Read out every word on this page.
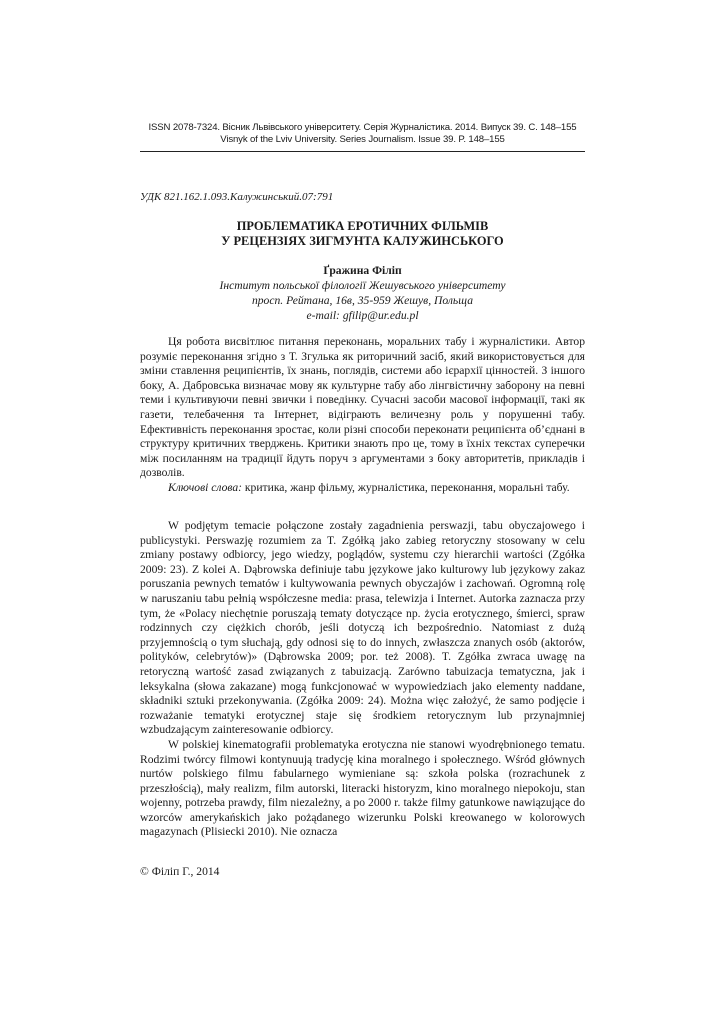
ISSN 2078-7324. Вісник Львівського університету. Серія Журналістика. 2014. Випуск 39. С. 148–155
Visnyk of the Lviv University. Series Journalism. Issue 39. P. 148–155
УДК 821.162.1.093.Калужинський.07:791
ПРОБЛЕМАТИКА ЕРОТИЧНИХ ФІЛЬМІВ
У РЕЦЕНЗІЯХ ЗИГМУНТА КАЛУЖИНСЬКОГО
Ґражина Філіп
Інститут польської філології Жешувського університету
просп. Рейтана, 16в, 35-959 Жешув, Польща
e-mail: gfilip@ur.edu.pl

Ця робота висвітлює питання переконань, моральних табу і журналістики. Автор розуміє переконання згідно з Т. Згулька як риторичний засіб, який використовується для зміни ставлення реципієнтів, їх знань, поглядів, системи або ієрархії цінностей. З іншого боку, А. Дабровська визначає мову як культурне табу або лінгвістичну заборону на певні теми і культивуючи певні звички і поведінку. Сучасні засоби масової інформації, такі як газети, телебачення та Інтернет, відіграють величезну роль у порушенні табу. Ефективність переконання зростає, коли різні способи переконати реципієнта об’єднані в структуру критичних тверджень. Критики знають про це, тому в їхніх текстах суперечки між посиланням на традиції йдуть поруч з аргументами з боку авторитетів, прикладів і дозволів.

Ключові слова: критика, жанр фільму, журналістика, переконання, моральні табу.

W podjętym temacie połączone zostały zagadnienia perswazji, tabu obyczajowego i publicystyki. Perswazję rozumiem za T. Zgółką jako zabieg retoryczny stosowany w celu zmiany postawy odbiorcy, jego wiedzy, poglądów, systemu czy hierarchii wartości (Zgółka 2009: 23). Z kolei A. Dąbrowska definiuje tabu językowe jako kulturowy lub językowy zakaz poruszania pewnych tematów i kultywowania pewnych obyczajów i zachowań. Ogromną rolę w naruszaniu tabu pełnią współczesne media: prasa, telewizja i Internet. Autorka zaznacza przy tym, że «Polacy niechętnie poruszają tematy dotyczące np. życia erotycznego, śmierci, spraw rodzinnych czy ciężkich chorób, jeśli dotyczą ich bezpośrednio. Natomiast z dużą przyjemnością o tym słuchają, gdy odnosi się to do innych, zwłaszcza znanych osób (aktorów, polityków, celebrytów)» (Dąbrowska 2009; por. też 2008). T. Zgółka zwraca uwagę na retoryczną wartość zasad związanych z tabuizacją. Zarówno tabuizacja tematyczna, jak i leksykalna (słowa zakazane) mogą funkcjonować w wypowiedziach jako elementy naddane, składniki sztuki przekonywania. (Zgółka 2009: 24). Można więc założyć, że samo podjęcie i rozważanie tematyki erotycznej staje się środkiem retorycznym lub przynajmniej wzbudzającym zainteresowanie odbiorcy.

W polskiej kinematografii problematyka erotyczna nie stanowi wyodrębnionego tematu. Rodzimi twórcy filmowi kontynuują tradycję kina moralnego i społecznego. Wśród głównych nurtów polskiego filmu fabularnego wymieniane są: szkoła polska (rozrachunek z przeszłością), mały realizm, film autorski, literacki historyzm, kino moralnego niepokoju, stan wojenny, potrzeba prawdy, film niezależny, a po 2000 r. także filmy gatunkowe nawiązujące do wzorców amerykańskich jako pożądanego wizerunku Polski kreowanego w kolorowych magazynach (Plisiecki 2010). Nie oznacza

© Філіп Г., 2014
